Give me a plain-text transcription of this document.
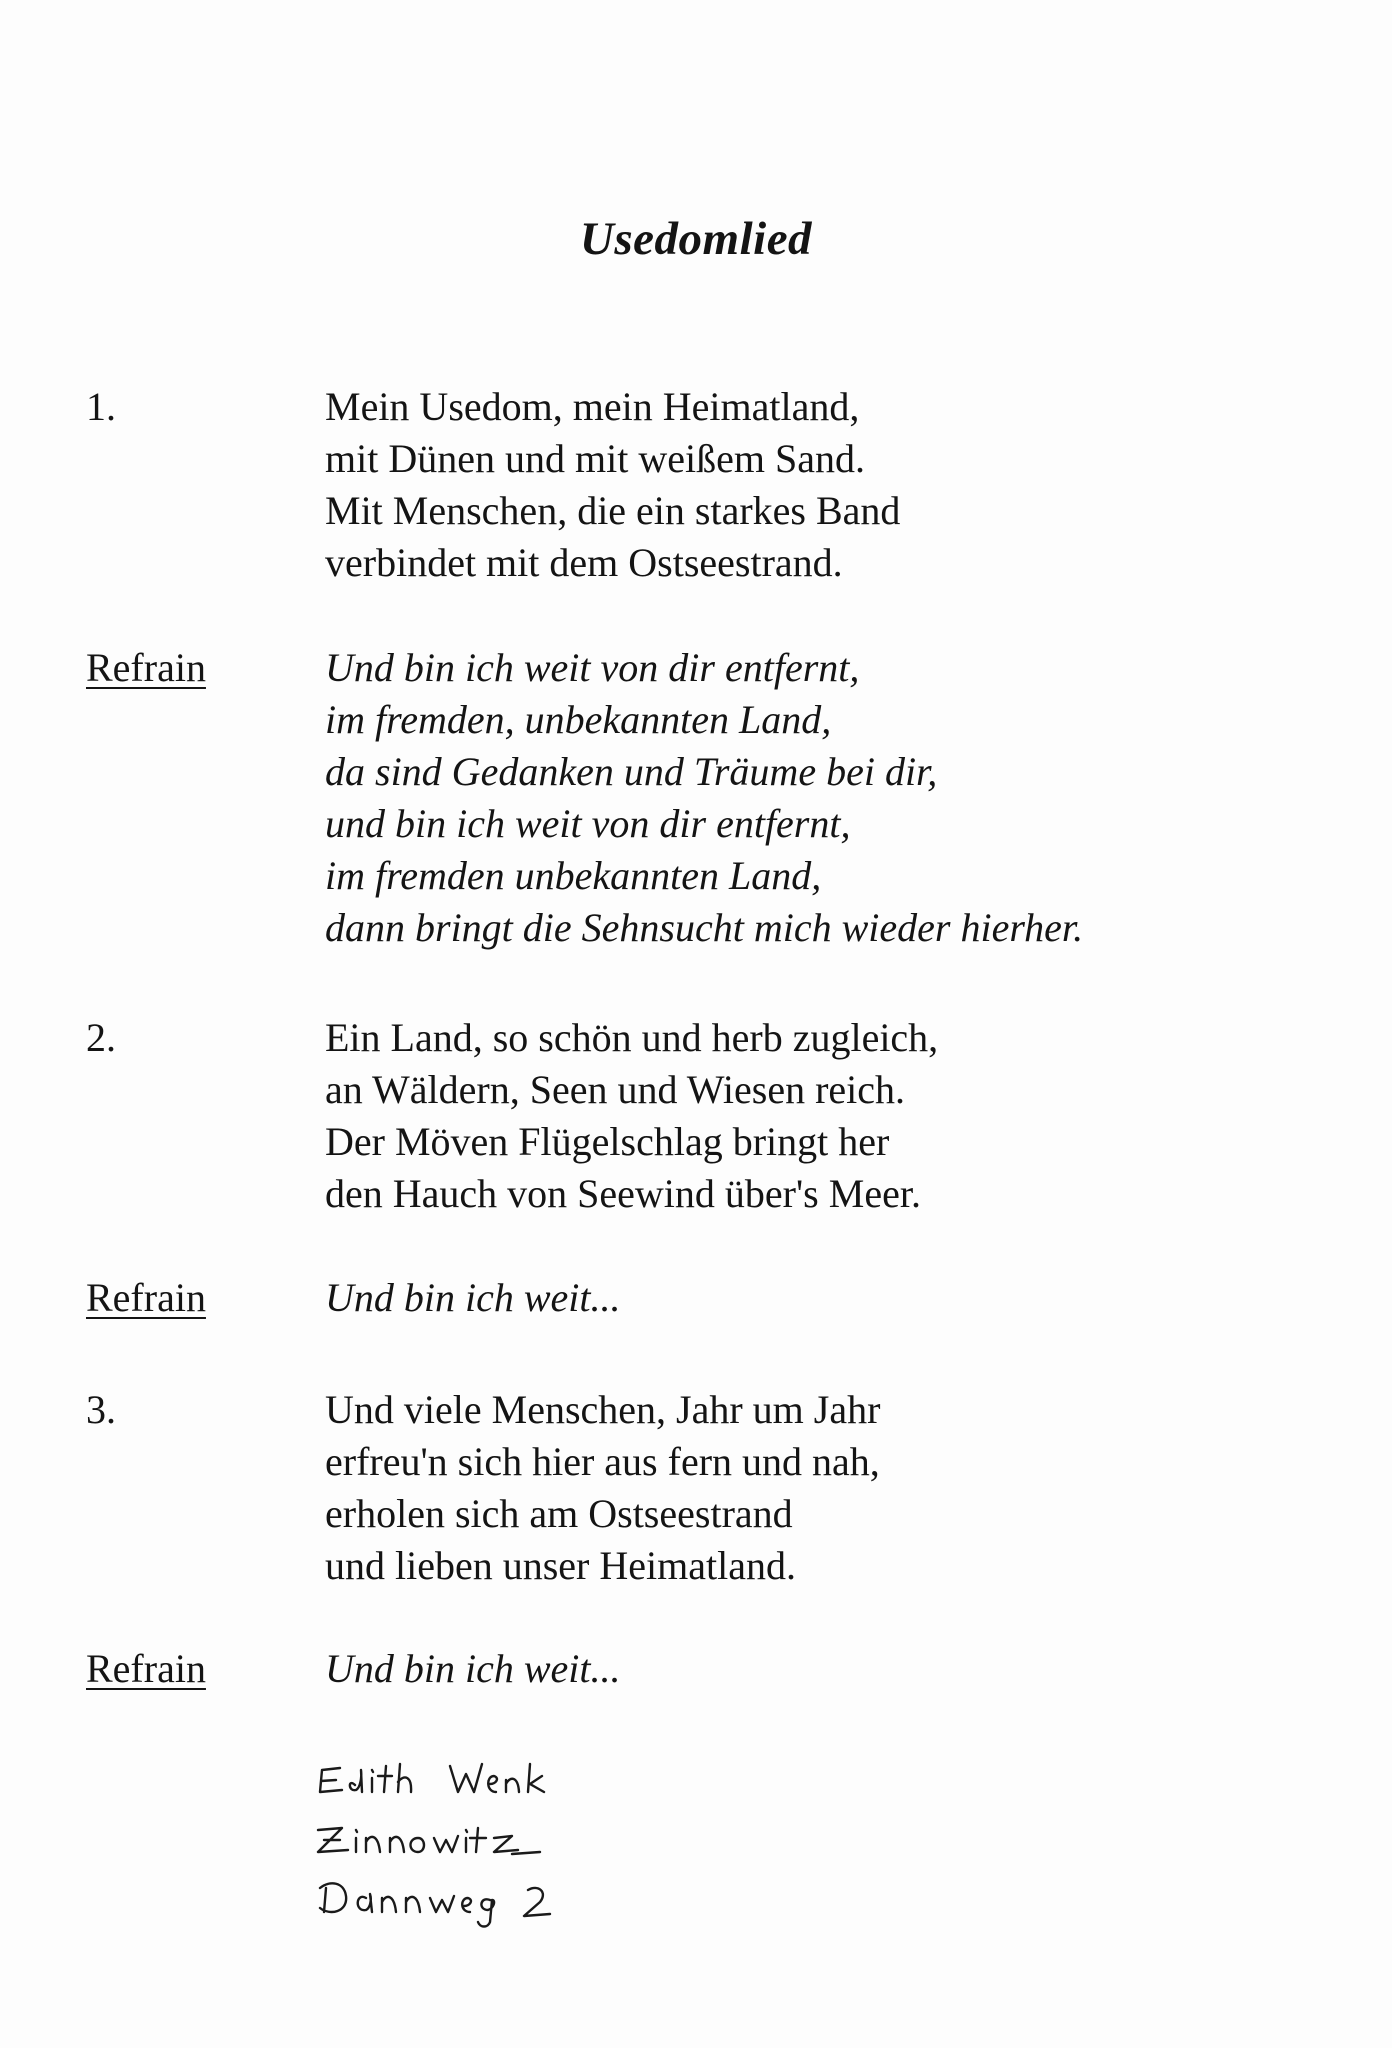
Usedomlied
1.	Mein Usedom, mein Heimatland,
mit Dünen und mit weißem Sand.
Mit Menschen, die ein starkes Band
verbindet mit dem Ostseestrand.
Refrain	Und bin ich weit von dir entfernt,
im fremden, unbekannten Land,
da sind Gedanken und Träume bei dir,
und bin ich weit von dir entfernt,
im fremden unbekannten Land,
dann bringt die Sehnsucht mich wieder hierher.
2.	Ein Land, so schön und herb zugleich,
an Wäldern, Seen und Wiesen reich.
Der Möven Flügelschlag bringt her
den Hauch von Seewind über's Meer.
Refrain	Und bin ich weit...
3.	Und viele Menschen, Jahr um Jahr
erfreu'n sich hier aus fern und nah,
erholen sich am Ostseestrand
und lieben unser Heimatland.
Refrain	Und bin ich weit...
